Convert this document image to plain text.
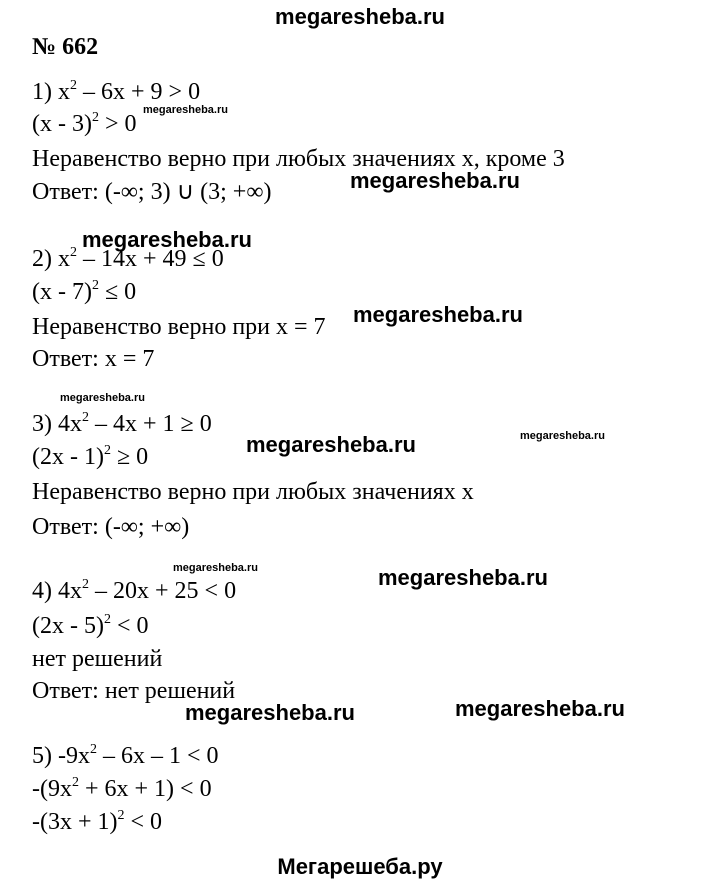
megaresheba.ru
№ 662
1) $x^2 - 6x + 9 > 0$
(x - 3)$^2$ > 0
Неравенство верно при любых значениях x, кроме 3
Ответ: (-∞; 3) ∪ (3; +∞)
2) $x^2 - 14x + 49 \le 0$
(x - 7)$^2$ ≤ 0
Неравенство верно при x = 7
Ответ: x = 7
3) $4x^2 - 4x + 1 \ge 0$
(2x - 1)$^2$ ≥ 0
Неравенство верно при любых значениях x
Ответ: (-∞; +∞)
4) $4x^2 - 20x + 25 < 0$
(2x - 5)$^2$ < 0
нет решений
Ответ: нет решений
5) $-9x^2 - 6x - 1 < 0$
$-(9x^2 + 6x + 1) < 0$
$-(3x + 1)^2 < 0$
megaresheba.ru
megaresheba.ru
megaresheba.ru
megaresheba.ru
megaresheba.ru
megaresheba.ru	megaresheba.ru
megaresheba.ru	megaresheba.ru
megaresheba.ru	megaresheba.ru
Мегарешеба.ру
